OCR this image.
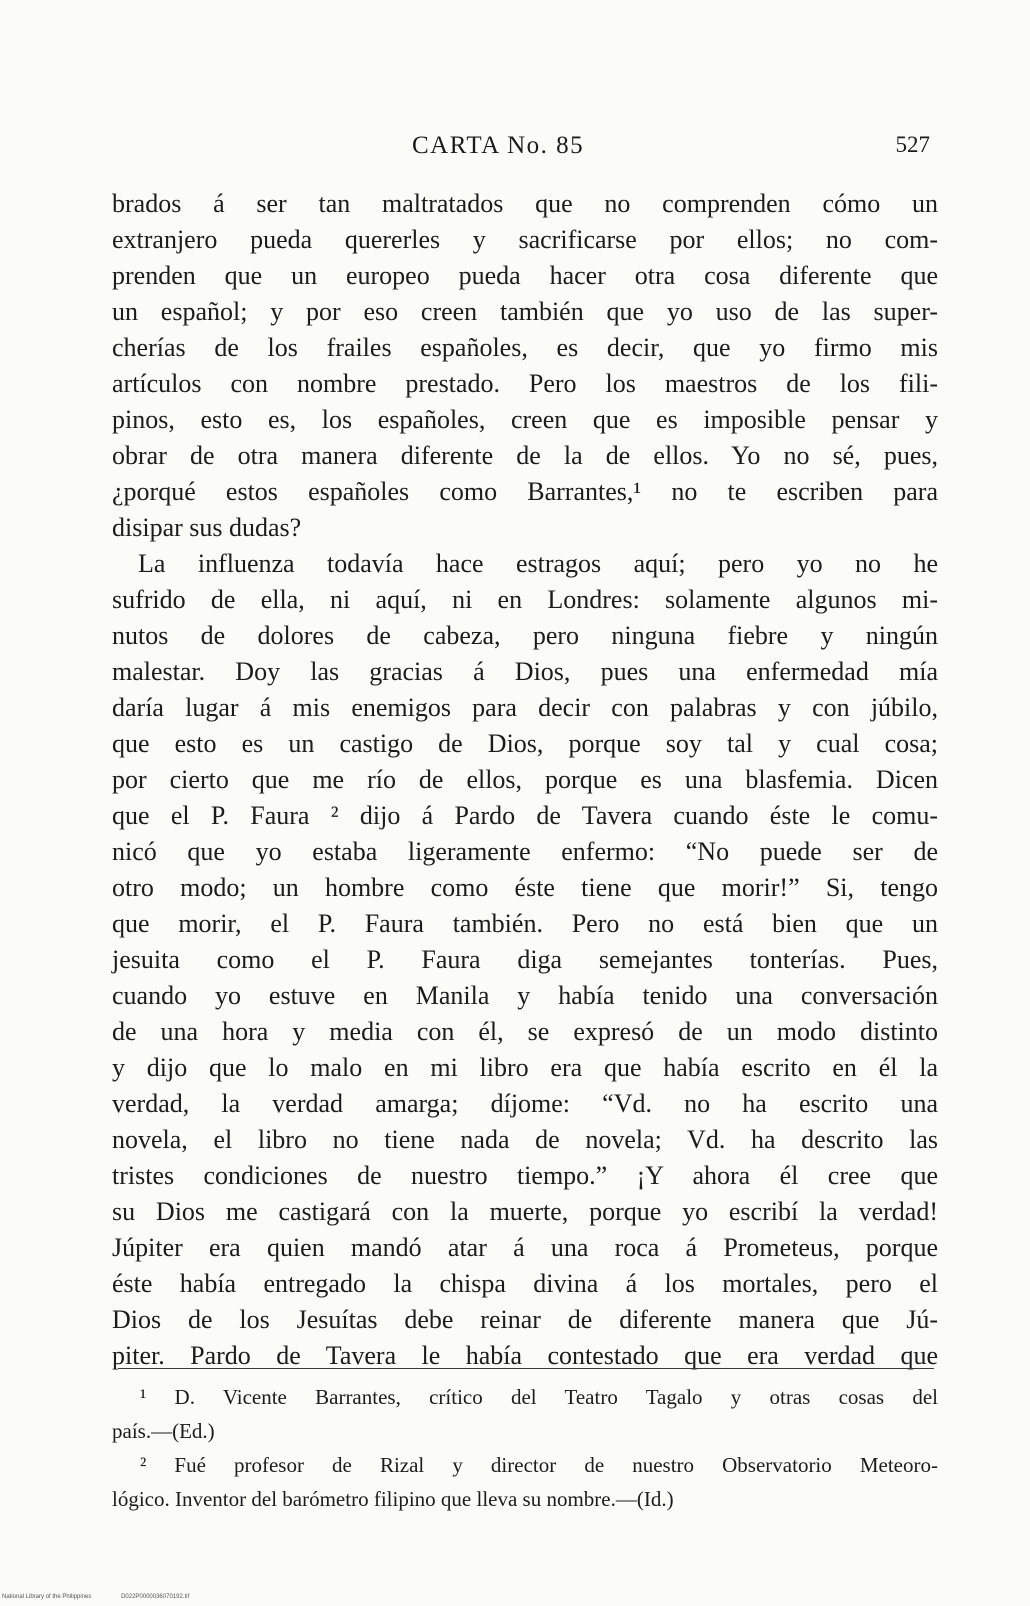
CARTA No. 85	527
brados á ser tan maltratados que no comprenden cómo un
extranjero pueda quererles y sacrificarse por ellos; no com-
prenden que un europeo pueda hacer otra cosa diferente que
un español; y por eso creen también que yo uso de las super-
cherías de los frailes españoles, es decir, que yo firmo mis
artículos con nombre prestado. Pero los maestros de los fili-
pinos, esto es, los españoles, creen que es imposible pensar y
obrar de otra manera diferente de la de ellos. Yo no sé, pues,
¿porqué estos españoles como Barrantes,¹ no te escriben para
disipar sus dudas?
La influenza todavía hace estragos aquí; pero yo no he
sufrido de ella, ni aquí, ni en Londres: solamente algunos mi-
nutos de dolores de cabeza, pero ninguna fiebre y ningún
malestar. Doy las gracias á Dios, pues una enfermedad mía
daría lugar á mis enemigos para decir con palabras y con júbilo,
que esto es un castigo de Dios, porque soy tal y cual cosa;
por cierto que me río de ellos, porque es una blasfemia. Dicen
que el P. Faura ² dijo á Pardo de Tavera cuando éste le comu-
nicó que yo estaba ligeramente enfermo: “No puede ser de
otro modo; un hombre como éste tiene que morir!” Si, tengo
que morir, el P. Faura también. Pero no está bien que un
jesuita como el P. Faura diga semejantes tonterías. Pues,
cuando yo estuve en Manila y había tenido una conversación
de una hora y media con él, se expresó de un modo distinto
y dijo que lo malo en mi libro era que había escrito en él la
verdad, la verdad amarga; díjome: “Vd. no ha escrito una
novela, el libro no tiene nada de novela; Vd. ha descrito las
tristes condiciones de nuestro tiempo.” ¡Y ahora él cree que
su Dios me castigará con la muerte, porque yo escribí la verdad!
Júpiter era quien mandó atar á una roca á Prometeus, porque
éste había entregado la chispa divina á los mortales, pero el
Dios de los Jesuítas debe reinar de diferente manera que Jú-
piter. Pardo de Tavera le había contestado que era verdad que
¹ D. Vicente Barrantes, crítico del Teatro Tagalo y otras cosas del
país.—(Ed.)
² Fué profesor de Rizal y director de nuestro Observatorio Meteoro-
lógico. Inventor del barómetro filipino que lleva su nombre.—(Id.)
National Library of the Philippines	D022P0000036070192.tif
